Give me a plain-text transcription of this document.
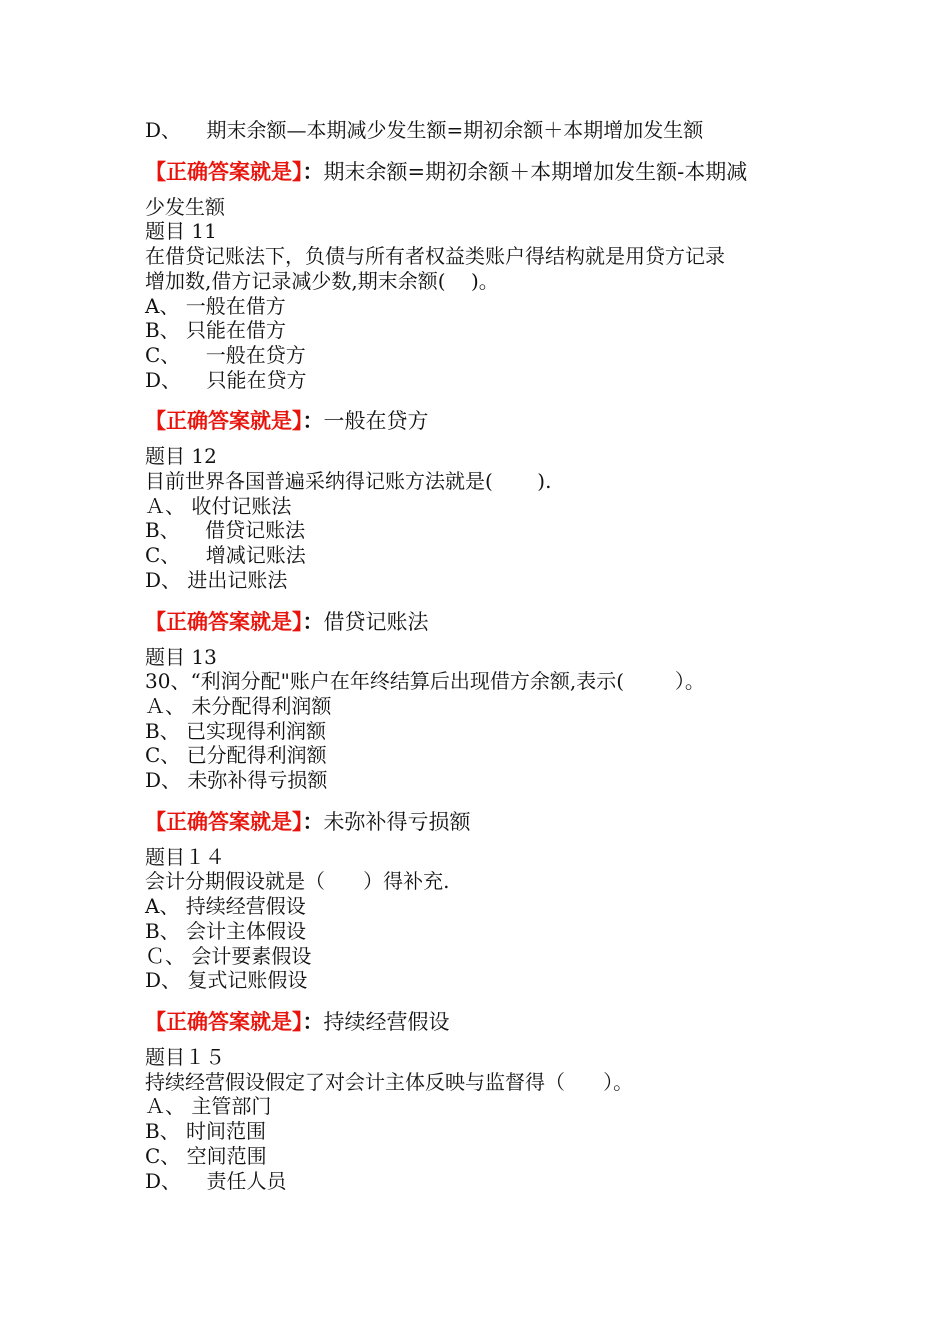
D、    期末余额—本期减少发生额=期初余额＋本期增加发生额
【正确答案就是】：期末余额=期初余额＋本期增加发生额-本期减
少发生额
题目 11
在借贷记账法下，负债与所有者权益类账户得结构就是用贷方记录
增加数,借方记录减少数,期末余额(    )。
A、 一般在借方
B、 只能在借方
C、    一般在贷方
D、    只能在贷方
【正确答案就是】：一般在贷方
题目 12
目前世界各国普遍采纳得记账方法就是(       ).
Ａ、 收付记账法
B、    借贷记账法
C、    增减记账法
D、 进出记账法
【正确答案就是】：借贷记账法
题目 13
30、“利润分配"账户在年终结算后出现借方余额,表示(        ）。
Ａ、 未分配得利润额
B、 已实现得利润额
C、 已分配得利润额
D、 未弥补得亏损额
【正确答案就是】：未弥补得亏损额
题目１４
会计分期假设就是（      ）得补充.
A、 持续经营假设
B、 会计主体假设
Ｃ、 会计要素假设
D、 复式记账假设
【正确答案就是】：持续经营假设
题目１５
持续经营假设假定了对会计主体反映与监督得（      ）。
Ａ、 主管部门
B、 时间范围
C、 空间范围
D、    责任人员
